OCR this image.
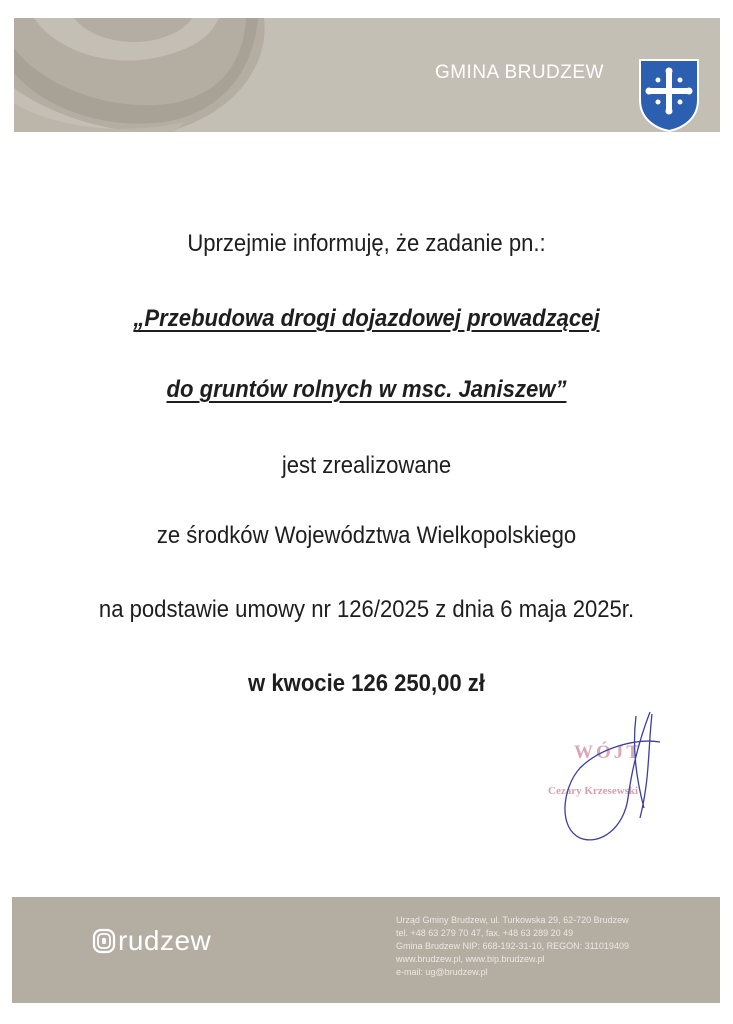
GMINA BRUDZEW
Uprzejmie informuję, że zadanie pn.:
„Przebudowa drogi dojazdowej prowadzącej
do gruntów rolnych w msc. Janiszew”
jest zrealizowane
ze środków Województwa Wielkopolskiego
na podstawie umowy nr 126/2025 z dnia 6 maja 2025r.
w kwocie 126 250,00 zł
WÓJT
Cezary Krzesewski
rudzew
Urząd Gminy Brudzew, ul. Turkowska 29, 62-720 Brudzew
tel. +48 63 279 70 47, fax. +48 63 289 20 49
Gmina Brudzew NIP: 668-192-31-10, REGON: 311019409
www.brudzew.pl, www.bip.brudzew.pl
e-mail: ug@brudzew.pl
